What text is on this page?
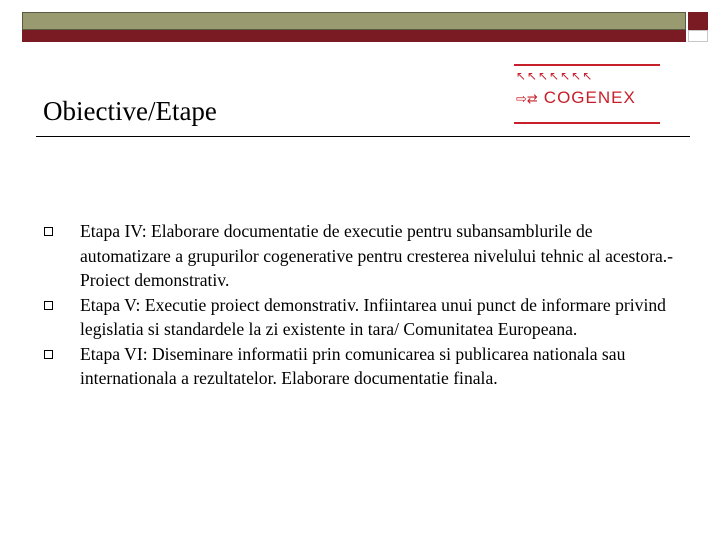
↖↖↖↖↖↖↖
⇨⇄ COGENEX
Obiective/Etape
Etapa IV: Elaborare documentatie de executie pentru subansamblurile de automatizare a grupurilor cogenerative pentru cresterea nivelului tehnic al acestora.- Proiect demonstrativ.
Etapa V: Executie proiect demonstrativ. Infiintarea unui punct de informare privind legislatia si standardele la zi existente in tara/ Comunitatea Europeana.
Etapa VI: Diseminare informatii prin comunicarea si publicarea nationala sau internationala a rezultatelor. Elaborare documentatie finala.
